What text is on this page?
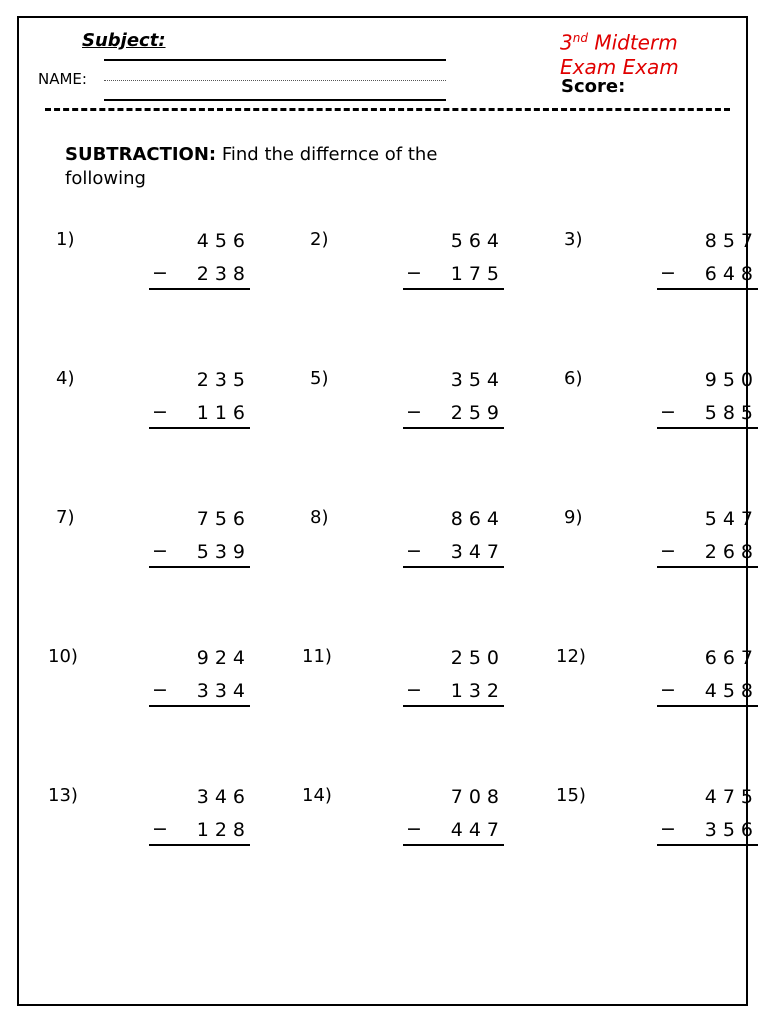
Subject:
NAME:
3nd Midterm Exam Exam
Score:
SUBTRACTION: Find the differnce of the following
1)	456
−	238
2)	564
−	175
3)	857
−	648
4)	235
−	116
5)	354
−	259
6)	950
−	585
7)	756
−	539
8)	864
−	347
9)	547
−	268
10)	924
−	334
11)	250
−	132
12)	667
−	458
13)	346
−	128
14)	708
−	447
15)	475
−	356
